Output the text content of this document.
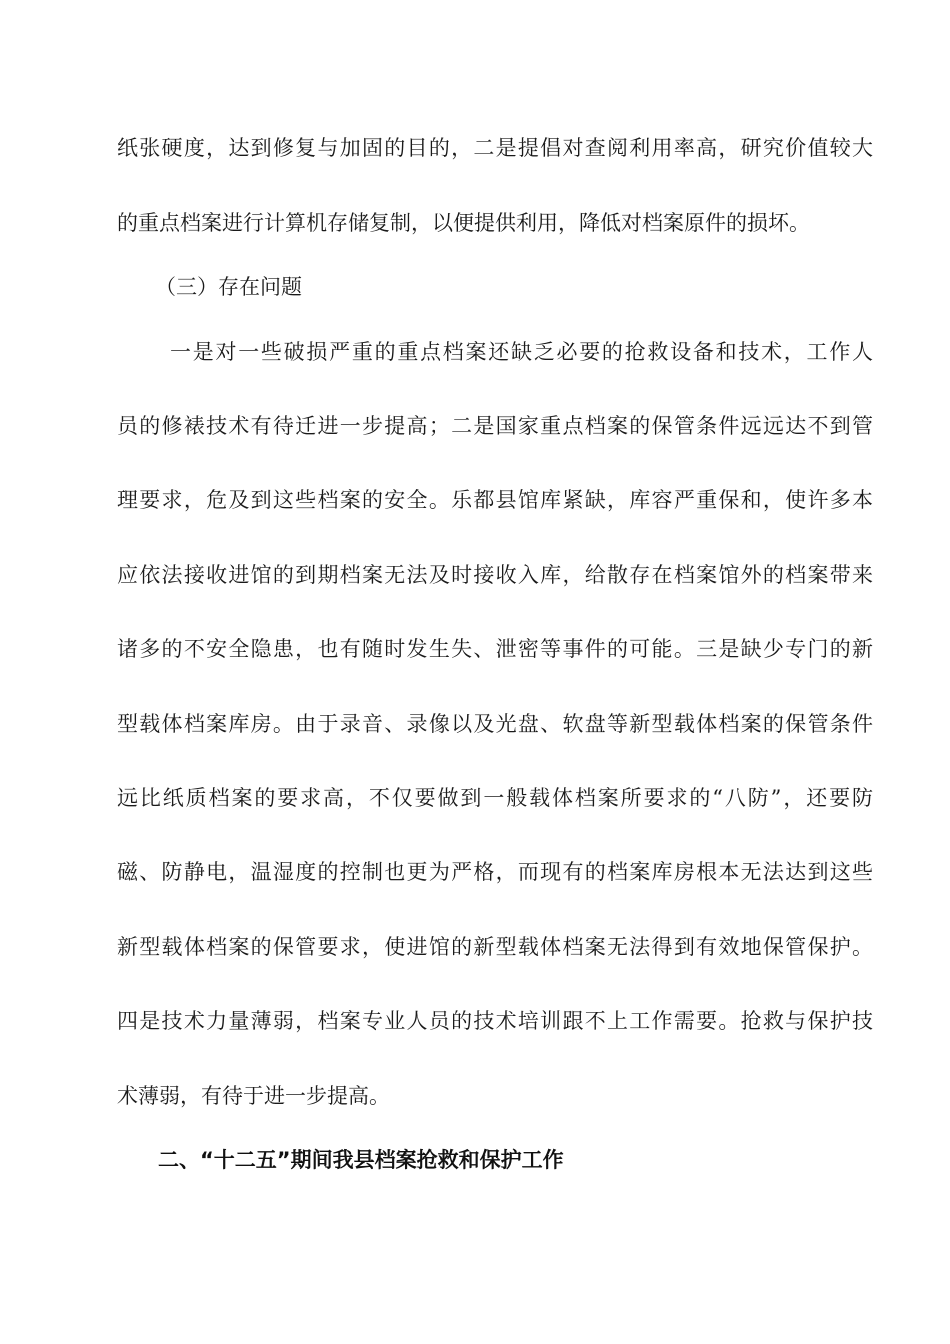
纸张硬度，达到修复与加固的目的，二是提倡对查阅利用率高，研究价值较大
的重点档案进行计算机存储复制，以便提供利用，降低对档案原件的损坏。
（三）存在问题
一是对一些破损严重的重点档案还缺乏必要的抢救设备和技术，工作人
员的修裱技术有待迁进一步提高；二是国家重点档案的保管条件远远达不到管
理要求，危及到这些档案的安全。乐都县馆库紧缺，库容严重保和，使许多本
应依法接收进馆的到期档案无法及时接收入库，给散存在档案馆外的档案带来
诸多的不安全隐患，也有随时发生失、泄密等事件的可能。三是缺少专门的新
型载体档案库房。由于录音、录像以及光盘、软盘等新型载体档案的保管条件
远比纸质档案的要求高，不仅要做到一般载体档案所要求的“八防”，还要防
磁、防静电，温湿度的控制也更为严格，而现有的档案库房根本无法达到这些
新型载体档案的保管要求，使进馆的新型载体档案无法得到有效地保管保护。
四是技术力量薄弱，档案专业人员的技术培训跟不上工作需要。抢救与保护技
术薄弱，有待于进一步提高。
二、“十二五”期间我县档案抢救和保护工作
